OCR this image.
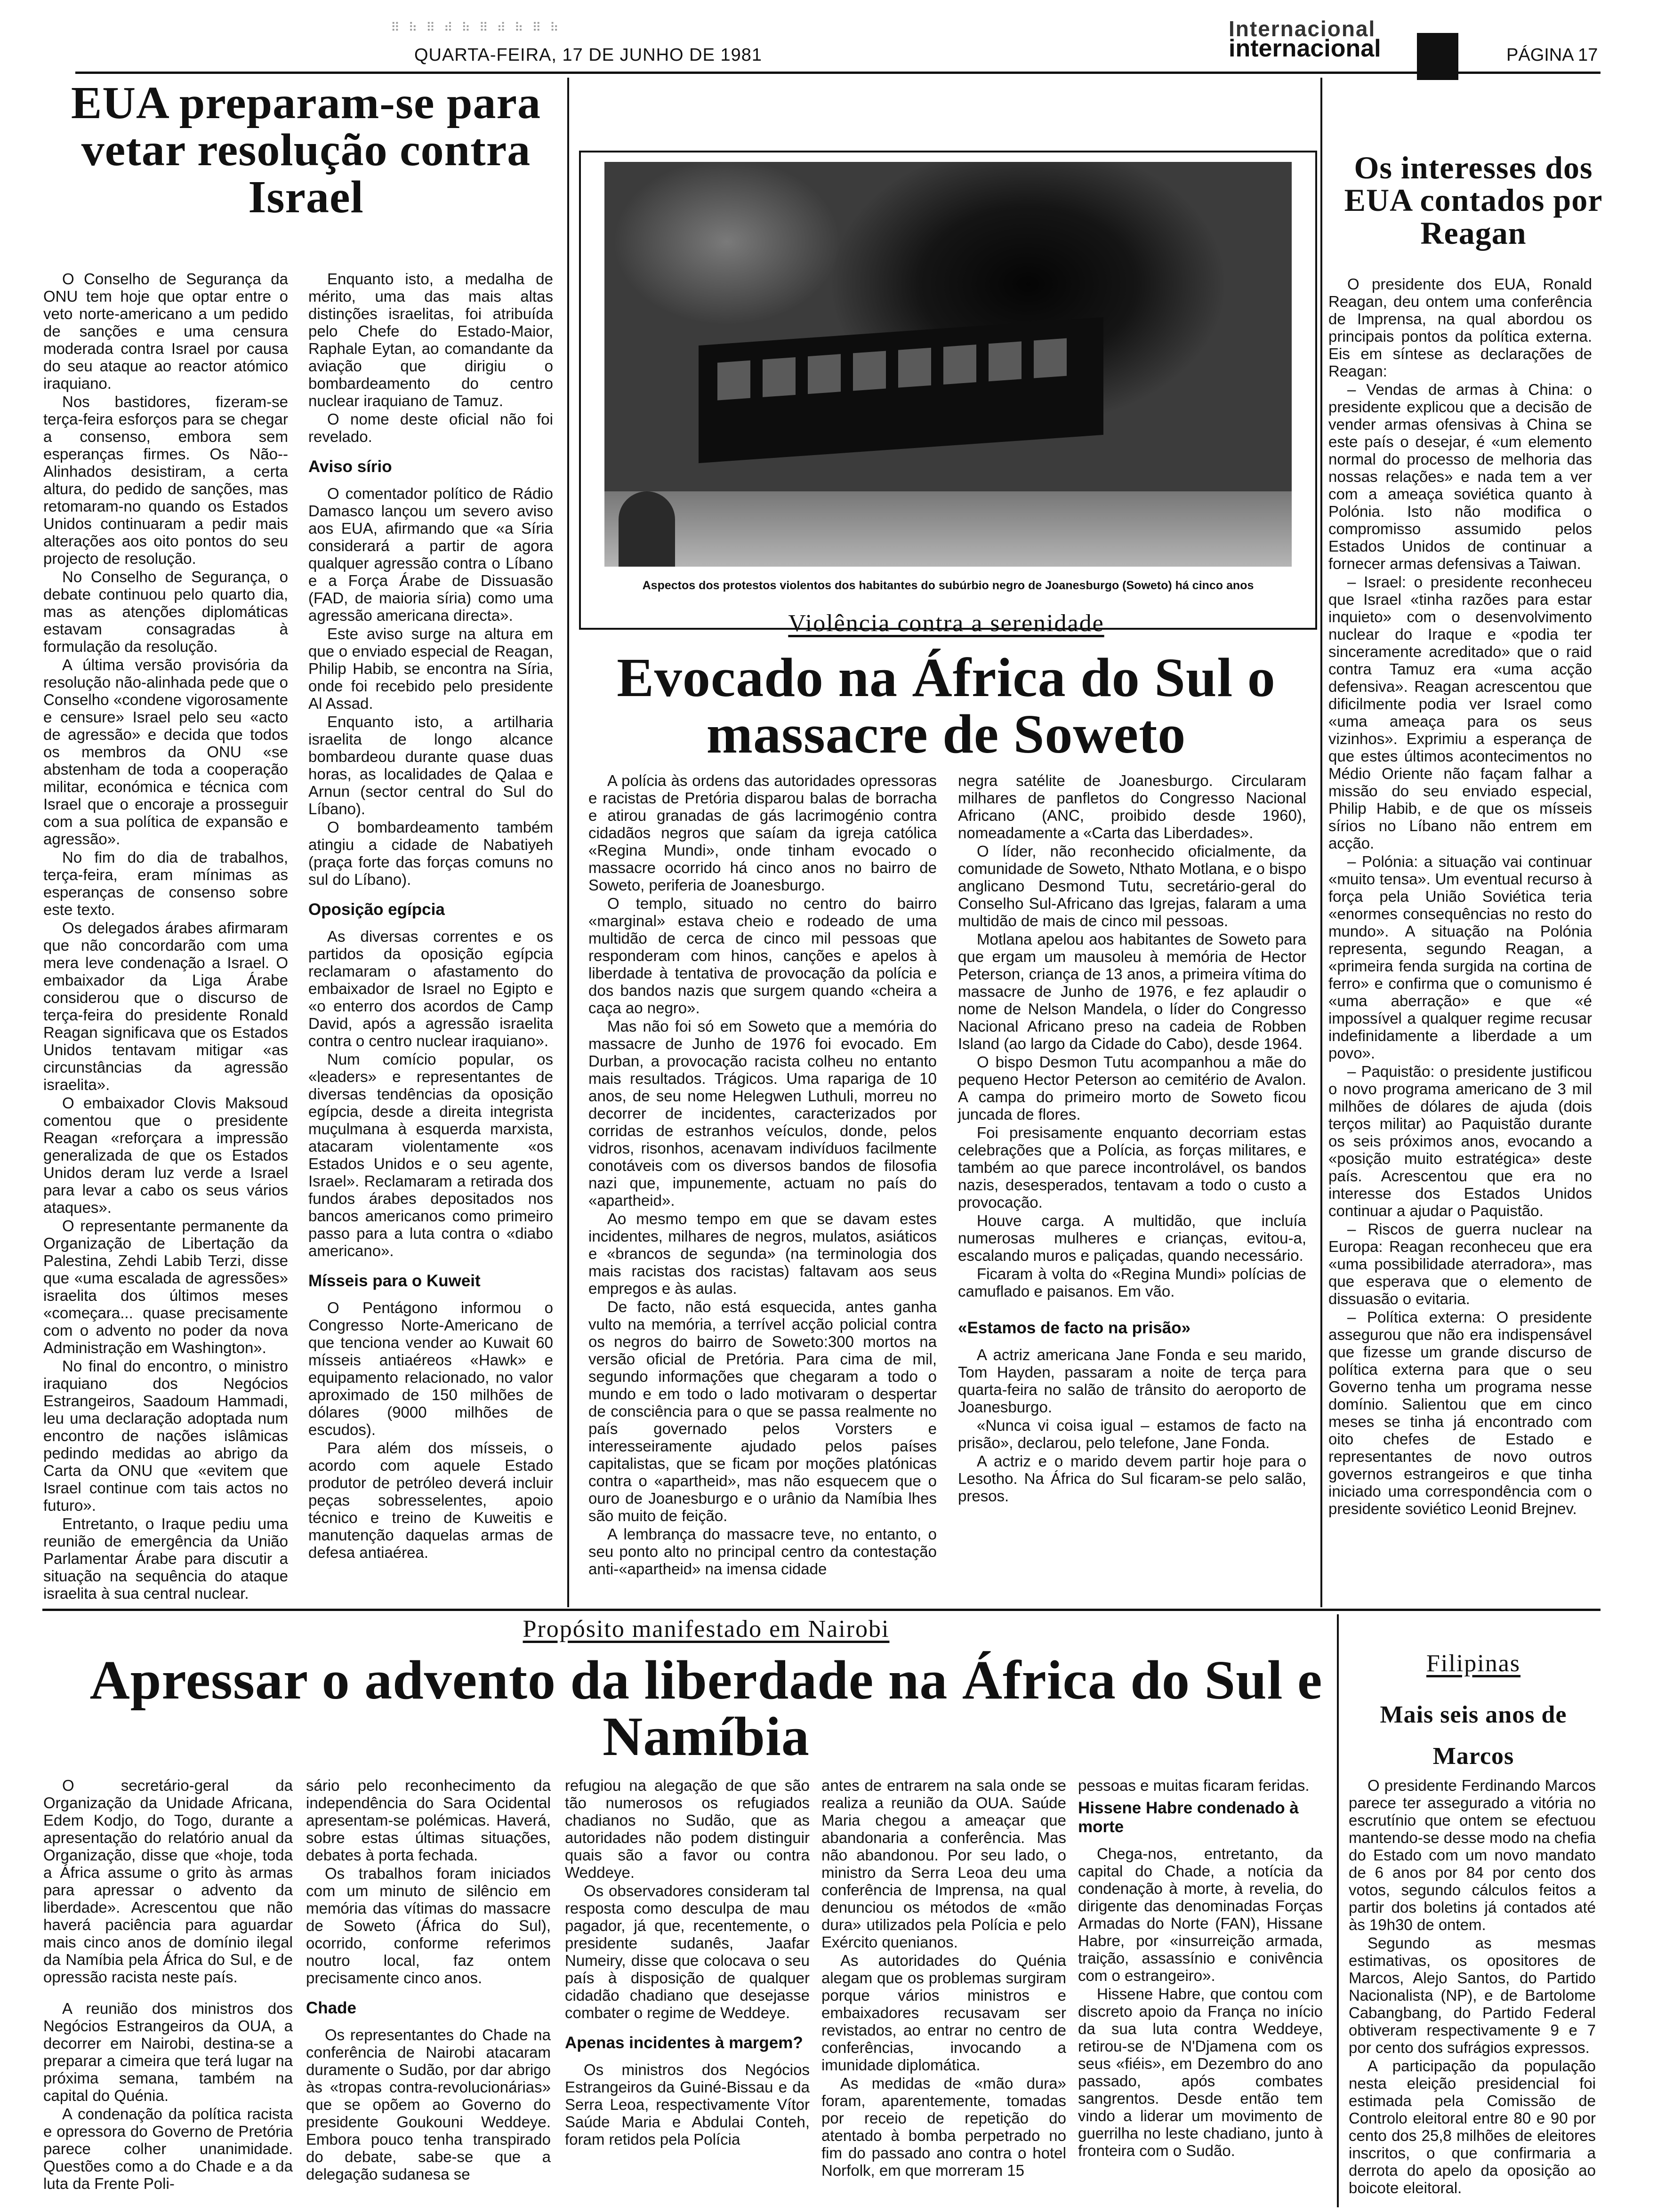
⠿ ⠷ ⠿ ⠾ ⠷ ⠿ ⠾ ⠷ ⠿ ⠷
QUARTA-FEIRA, 17 DE JUNHO DE 1981
Internacional
internacional	PÁGINA 17
EUA preparam-se para vetar resolução contra Israel

O Conselho de Segurança da ONU tem hoje que optar entre o veto norte-americano a um pedido de sanções e uma censura moderada contra Israel por causa do seu ataque ao reactor atómico iraquiano.

Nos bastidores, fizeram-se terça-feira esforços para se chegar a consenso, embora sem esperanças firmes. Os Não--Alinhados desistiram, a certa altura, do pedido de sanções, mas retomaram-no quando os Estados Unidos continuaram a pedir mais alterações aos oito pontos do seu projecto de resolução.

No Conselho de Segurança, o debate continuou pelo quarto dia, mas as atenções diplomáticas estavam consagradas à formulação da resolução.

A última versão provisória da resolução não-alinhada pede que o Conselho «condene vigorosamente e censure» Israel pelo seu «acto de agressão» e decida que todos os membros da ONU «se abstenham de toda a cooperação militar, económica e técnica com Israel que o encoraje a prosseguir com a sua política de expansão e agressão».

No fim do dia de trabalhos, terça-feira, eram mínimas as esperanças de consenso sobre este texto.

Os delegados árabes afirmaram que não concordarão com uma mera leve condenação a Israel. O embaixador da Liga Árabe considerou que o discurso de terça-feira do presidente Ronald Reagan significava que os Estados Unidos tentavam mitigar «as circunstâncias da agressão israelita».

O embaixador Clovis Maksoud comentou que o presidente Reagan «reforçara a impressão generalizada de que os Estados Unidos deram luz verde a Israel para levar a cabo os seus vários ataques».

O representante permanente da Organização de Libertação da Palestina, Zehdi Labib Terzi, disse que «uma escalada de agressões» israelita dos últimos meses «começara... quase precisamente com o advento no poder da nova Administração em Washington».

No final do encontro, o ministro iraquiano dos Negócios Estrangeiros, Saadoum Hammadi, leu uma declaração adoptada num encontro de nações islâmicas pedindo medidas ao abrigo da Carta da ONU que «evitem que Israel continue com tais actos no futuro».

Entretanto, o Iraque pediu uma reunião de emergência da União Parlamentar Árabe para discutir a situação na sequência do ataque israelita à sua central nuclear.

Enquanto isto, a medalha de mérito, uma das mais altas distinções israelitas, foi atribuída pelo Chefe do Estado-Maior, Raphale Eytan, ao comandante da aviação que dirigiu o bombardeamento do centro nuclear iraquiano de Tamuz.

O nome deste oficial não foi revelado.

Aviso sírio

O comentador político de Rádio Damasco lançou um severo aviso aos EUA, afirmando que «a Síria considerará a partir de agora qualquer agressão contra o Líbano e a Força Árabe de Dissuasão (FAD, de maioria síria) como uma agressão americana directa».

Este aviso surge na altura em que o enviado especial de Reagan, Philip Habib, se encontra na Síria, onde foi recebido pelo presidente Al Assad.

Enquanto isto, a artilharia israelita de longo alcance bombardeou durante quase duas horas, as localidades de Qalaa e Arnun (sector central do Sul do Líbano).

O bombardeamento também atingiu a cidade de Nabatiyeh (praça forte das forças comuns no sul do Líbano).

Oposição egípcia

As diversas correntes e os partidos da oposição egípcia reclamaram o afastamento do embaixador de Israel no Egipto e «o enterro dos acordos de Camp David, após a agressão israelita contra o centro nuclear iraquiano».

Num comício popular, os «leaders» e representantes de diversas tendências da oposição egípcia, desde a direita integrista muçulmana à esquerda marxista, atacaram violentamente «os Estados Unidos e o seu agente, Israel». Reclamaram a retirada dos fundos árabes depositados nos bancos americanos como primeiro passo para a luta contra o «diabo americano».

Mísseis para o Kuweit

O Pentágono informou o Congresso Norte-Americano de que tenciona vender ao Kuwait 60 mísseis antiaéreos «Hawk» e equipamento relacionado, no valor aproximado de 150 milhões de dólares (9000 milhões de escudos).

Para além dos mísseis, o acordo com aquele Estado produtor de petróleo deverá incluir peças sobresselentes, apoio técnico e treino de Kuweitis e manutenção daquelas armas de defesa antiaérea.

Aspectos dos protestos violentos dos habitantes do subúrbio negro de Joanesburgo (Soweto) há cinco anos
Violência contra a serenidade
Evocado na África do Sul o massacre de Soweto

A polícia às ordens das autoridades opressoras e racistas de Pretória disparou balas de borracha e atirou granadas de gás lacrimogénio contra cidadãos negros que saíam da igreja católica «Regina Mundi», onde tinham evocado o massacre ocorrido há cinco anos no bairro de Soweto, periferia de Joanesburgo.

O templo, situado no centro do bairro «marginal» estava cheio e rodeado de uma multidão de cerca de cinco mil pessoas que responderam com hinos, canções e apelos à liberdade à tentativa de provocação da polícia e dos bandos nazis que surgem quando «cheira a caça ao negro».

Mas não foi só em Soweto que a memória do massacre de Junho de 1976 foi evocado. Em Durban, a provocação racista colheu no entanto mais resultados. Trágicos. Uma rapariga de 10 anos, de seu nome Helegwen Luthuli, morreu no decorrer de incidentes, caracterizados por corridas de estranhos veículos, donde, pelos vidros, risonhos, acenavam indivíduos facilmente conotáveis com os diversos bandos de filosofia nazi que, impunemente, actuam no país do «apartheid».

Ao mesmo tempo em que se davam estes incidentes, milhares de negros, mulatos, asiáticos e «brancos de segunda» (na terminologia dos mais racistas dos racistas) faltavam aos seus empregos e às aulas.

De facto, não está esquecida, antes ganha vulto na memória, a terrível acção policial contra os negros do bairro de Soweto:300 mortos na versão oficial de Pretória. Para cima de mil, segundo informações que chegaram a todo o mundo e em todo o lado motivaram o despertar de consciência para o que se passa realmente no país governado pelos Vorsters e interesseiramente ajudado pelos países capitalistas, que se ficam por moções platónicas contra o «apartheid», mas não esquecem que o ouro de Joanesburgo e o urânio da Namíbia lhes são muito de feição.

A lembrança do massacre teve, no entanto, o seu ponto alto no principal centro da contestação anti-«apartheid» na imensa cidade

negra satélite de Joanesburgo. Circularam milhares de panfletos do Congresso Nacional Africano (ANC, proibido desde 1960), nomeadamente a «Carta das Liberdades».

O líder, não reconhecido oficialmente, da comunidade de Soweto, Nthato Motlana, e o bispo anglicano Desmond Tutu, secretário-geral do Conselho Sul-Africano das Igrejas, falaram a uma multidão de mais de cinco mil pessoas.

Motlana apelou aos habitantes de Soweto para que ergam um mausoleu à memória de Hector Peterson, criança de 13 anos, a primeira vítima do massacre de Junho de 1976, e fez aplaudir o nome de Nelson Mandela, o líder do Congresso Nacional Africano preso na cadeia de Robben Island (ao largo da Cidade do Cabo), desde 1964.

O bispo Desmon Tutu acompanhou a mãe do pequeno Hector Peterson ao cemitério de Avalon. A campa do primeiro morto de Soweto ficou juncada de flores.

Foi presisamente enquanto decorriam estas celebrações que a Polícia, as forças militares, e também ao que parece incontrolável, os bandos nazis, desesperados, tentavam a todo o custo a provocação.

Houve carga. A multidão, que incluía numerosas mulheres e crianças, evitou-a, escalando muros e paliçadas, quando necessário.

Ficaram à volta do «Regina Mundi» polícias de camuflado e paisanos. Em vão.

«Estamos de facto na prisão»

A actriz americana Jane Fonda e seu marido, Tom Hayden, passaram a noite de terça para quarta-feira no salão de trânsito do aeroporto de Joanesburgo.

«Nunca vi coisa igual – estamos de facto na prisão», declarou, pelo telefone, Jane Fonda.

A actriz e o marido devem partir hoje para o Lesotho. Na África do Sul ficaram-se pelo salão, presos.

Os interesses dos EUA contados por Reagan

O presidente dos EUA, Ronald Reagan, deu ontem uma conferência de Imprensa, na qual abordou os principais pontos da política externa. Eis em síntese as declarações de Reagan:

– Vendas de armas à China: o presidente explicou que a decisão de vender armas ofensivas à China se este país o desejar, é «um elemento normal do processo de melhoria das nossas relações» e nada tem a ver com a ameaça soviética quanto à Polónia. Isto não modifica o compromisso assumido pelos Estados Unidos de continuar a fornecer armas defensivas a Taiwan.

– Israel: o presidente reconheceu que Israel «tinha razões para estar inquieto» com o desenvolvimento nuclear do Iraque e «podia ter sinceramente acreditado» que o raid contra Tamuz era «uma acção defensiva». Reagan acrescentou que dificilmente podia ver Israel como «uma ameaça para os seus vizinhos». Exprimiu a esperança de que estes últimos acontecimentos no Médio Oriente não façam falhar a missão do seu enviado especial, Philip Habib, e de que os mísseis sírios no Líbano não entrem em acção.

– Polónia: a situação vai continuar «muito tensa». Um eventual recurso à força pela União Soviética teria «enormes consequências no resto do mundo». A situação na Polónia representa, segundo Reagan, a «primeira fenda surgida na cortina de ferro» e confirma que o comunismo é «uma aberração» e que «é impossível a qualquer regime recusar indefinidamente a liberdade a um povo».

– Paquistão: o presidente justificou o novo programa americano de 3 mil milhões de dólares de ajuda (dois terços militar) ao Paquistão durante os seis próximos anos, evocando a «posição muito estratégica» deste país. Acrescentou que era no interesse dos Estados Unidos continuar a ajudar o Paquistão.

– Riscos de guerra nuclear na Europa: Reagan reconheceu que era «uma possibilidade aterradora», mas que esperava que o elemento de dissuasão o evitaria.

– Política externa: O presidente assegurou que não era indispensável que fizesse um grande discurso de política externa para que o seu Governo tenha um programa nesse domínio. Salientou que em cinco meses se tinha já encontrado com oito chefes de Estado e representantes de novo outros governos estrangeiros e que tinha iniciado uma correspondência com o presidente soviético Leonid Brejnev.

Propósito manifestado em Nairobi
Apressar o advento da liberdade na África do Sul e Namíbia

O secretário-geral da Organização da Unidade Africana, Edem Kodjo, do Togo, durante a apresentação do relatório anual da Organização, disse que «hoje, toda a África assume o grito às armas para apressar o advento da liberdade». Acrescentou que não haverá paciência para aguardar mais cinco anos de domínio ilegal da Namíbia pela África do Sul, e de opressão racista neste país.

A reunião dos ministros dos Negócios Estrangeiros da OUA, a decorrer em Nairobi, destina-se a preparar a cimeira que terá lugar na próxima semana, também na capital do Quénia.

A condenação da política racista e opressora do Governo de Pretória parece colher unanimidade. Questões como a do Chade e a da luta da Frente Poli-

sário pelo reconhecimento da independência do Sara Ocidental apresentam-se polémicas. Haverá, sobre estas últimas situações, debates à porta fechada.

Os trabalhos foram iniciados com um minuto de silêncio em memória das vítimas do massacre de Soweto (África do Sul), ocorrido, conforme referimos noutro local, faz ontem precisamente cinco anos.

Chade

Os representantes do Chade na conferência de Nairobi atacaram duramente o Sudão, por dar abrigo às «tropas contra-revolucionárias» que se opõem ao Governo do presidente Goukouni Weddeye. Embora pouco tenha transpirado do debate, sabe-se que a delegação sudanesa se

refugiou na alegação de que são tão numerosos os refugiados chadianos no Sudão, que as autoridades não podem distinguir quais são a favor ou contra Weddeye.

Os observadores consideram tal resposta como desculpa de mau pagador, já que, recentemente, o presidente sudanês, Jaafar Numeiry, disse que colocava o seu país à disposição de qualquer cidadão chadiano que desejasse combater o regime de Weddeye.

Apenas incidentes à margem?

Os ministros dos Negócios Estrangeiros da Guiné-Bissau e da Serra Leoa, respectivamente Vítor Saúde Maria e Abdulai Conteh, foram retidos pela Polícia

antes de entrarem na sala onde se realiza a reunião da OUA. Saúde Maria chegou a ameaçar que abandonaria a conferência. Mas não abandonou. Por seu lado, o ministro da Serra Leoa deu uma conferência de Imprensa, na qual denunciou os métodos de «mão dura» utilizados pela Polícia e pelo Exército quenianos.

As autoridades do Quénia alegam que os problemas surgiram porque vários ministros e embaixadores recusavam ser revistados, ao entrar no centro de conferências, invocando a imunidade diplomática.

As medidas de «mão dura» foram, aparentemente, tomadas por receio de repetição do atentado à bomba perpetrado no fim do passado ano contra o hotel Norfolk, em que morreram 15

pessoas e muitas ficaram feridas.

Hissene Habre condenado à morte

Chega-nos, entretanto, da capital do Chade, a notícia da condenação à morte, à revelia, do dirigente das denominadas Forças Armadas do Norte (FAN), Hissane Habre, por «insurreição armada, traição, assassínio e conivência com o estrangeiro».

Hissene Habre, que contou com discreto apoio da França no início da sua luta contra Weddeye, retirou-se de N'Djamena com os seus «fiéis», em Dezembro do ano passado, após combates sangrentos. Desde então tem vindo a liderar um movimento de guerrilha no leste chadiano, junto à fronteira com o Sudão.

Filipinas
Mais seis anos de Marcos

O presidente Ferdinando Marcos parece ter assegurado a vitória no escrutínio que ontem se efectuou mantendo-se desse modo na chefia do Estado com um novo mandato de 6 anos por 84 por cento dos votos, segundo cálculos feitos a partir dos boletins já contados até às 19h30 de ontem.

Segundo as mesmas estimativas, os opositores de Marcos, Alejo Santos, do Partido Nacionalista (NP), e de Bartolome Cabangbang, do Partido Federal obtiveram respectivamente 9 e 7 por cento dos sufrágios expressos.

A participação da população nesta eleição presidencial foi estimada pela Comissão de Controlo eleitoral entre 80 e 90 por cento dos 25,8 milhões de eleitores inscritos, o que confirmaria a derrota do apelo da oposição ao boicote eleitoral.
